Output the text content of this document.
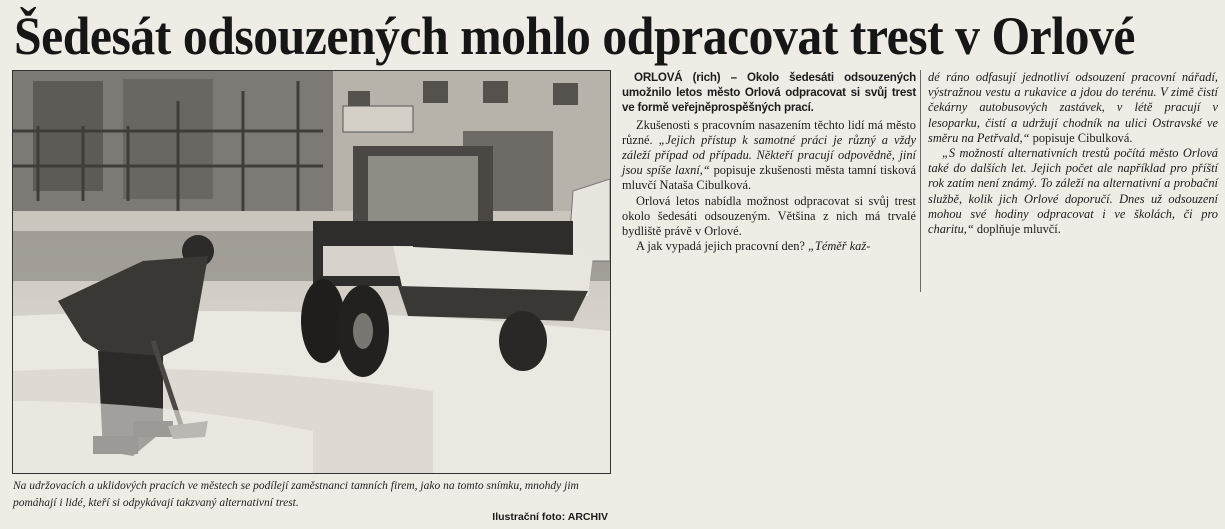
Šedesát odsouzených mohlo odpracovat trest v Orlové
Na udržovacích a uklidových pracích ve městech se podílejí zaměstnanci tamních firem, jako na tomto snímku, mnohdy jim pomáhají i lidé, kteří si odpykávají takzvaný alternativní trest.
Ilustrační foto: ARCHIV

ORLOVÁ (rich) – Okolo šedesáti odsouzených umožnilo letos město Orlová odpracovat si svůj trest ve formě veřejněprospěšných prací.

Zkušenosti s pracovním nasazením těchto lidí má město různé. „Jejich přístup k samotné práci je různý a vždy záleží případ od případu. Někteří pracují odpovědně, jiní jsou spíše laxní,“ popisuje zkušenosti města tamní tisková mluvčí Nataša Cibulková.

Orlová letos nabídla možnost odpracovat si svůj trest okolo šedesáti odsouzeným. Většina z nich má trvalé bydliště právě v Orlové.

A jak vypadá jejich pracovní den? „Téměř kaž-

dé ráno odfasují jednotliví odsouzení pracovní nářadí, výstražnou vestu a rukavice a jdou do terénu. V zimě čistí čekárny autobusových zastávek, v létě pracují v lesoparku, čistí a udržují chodník na ulici Ostravské ve směru na Petřvald,“ popisuje Cibulková.

„S možností alternativních trestů počítá město Orlová také do dalších let. Jejich počet ale například pro příští rok zatím není známý. To záleží na alternativní a probační službě, kolik jich Orlové doporučí. Dnes už odsouzení mohou své hodiny odpracovat i ve školách, či pro charitu,“ doplňuje mluvčí.
